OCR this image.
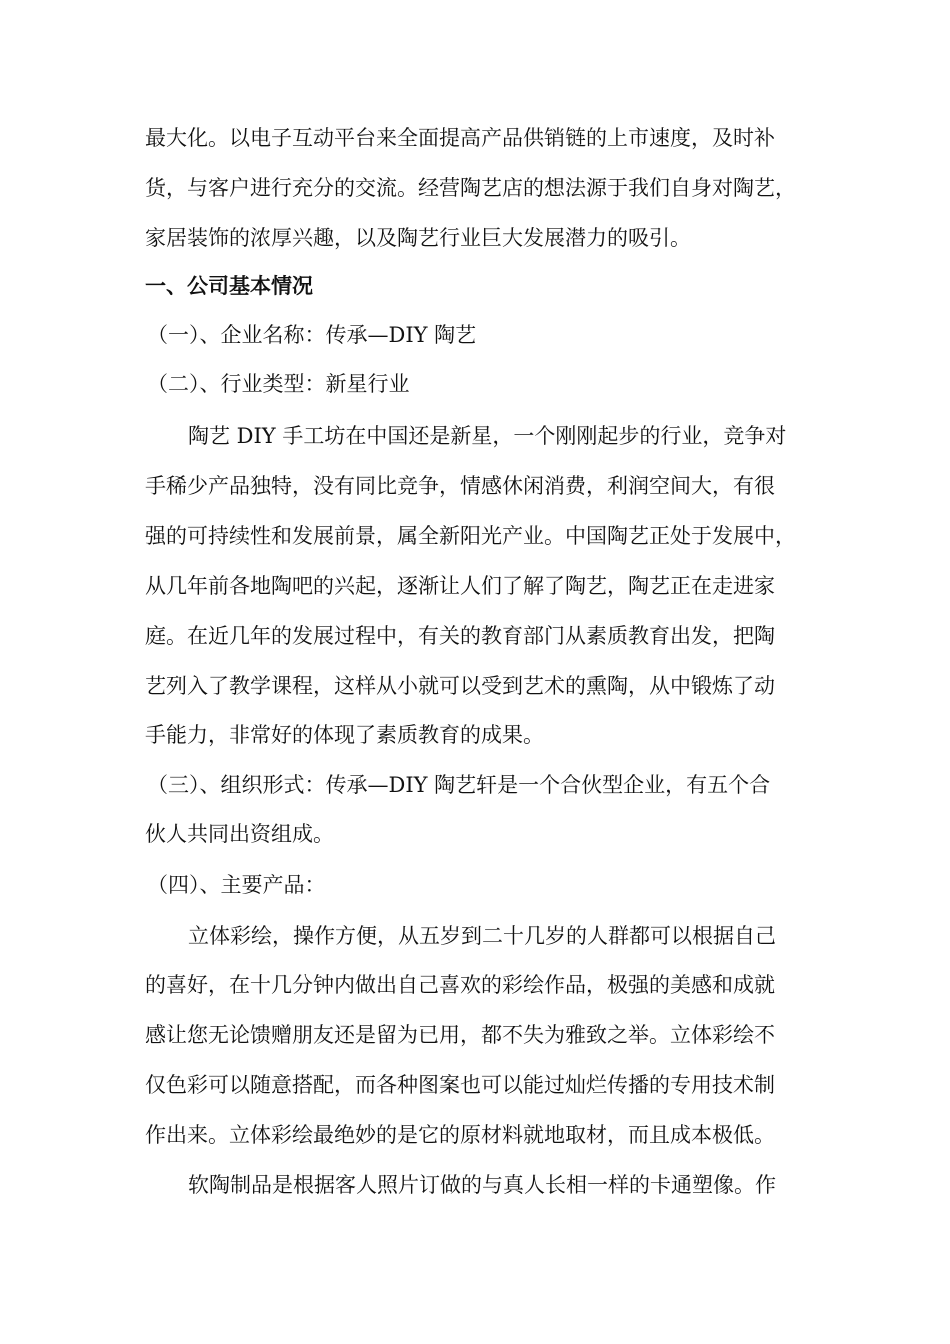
最大化。以电子互动平台来全面提高产品供销链的上市速度，及时补

货，与客户进行充分的交流。经营陶艺店的想法源于我们自身对陶艺，

家居装饰的浓厚兴趣，以及陶艺行业巨大发展潜力的吸引。

一、公司基本情况

（一）、企业名称：传承—DIY 陶艺

（二）、行业类型：新星行业

陶艺 DIY 手工坊在中国还是新星，一个刚刚起步的行业，竞争对

手稀少产品独特，没有同比竞争，情感休闲消费，利润空间大，有很

强的可持续性和发展前景，属全新阳光产业。中国陶艺正处于发展中，

从几年前各地陶吧的兴起，逐渐让人们了解了陶艺，陶艺正在走进家

庭。在近几年的发展过程中，有关的教育部门从素质教育出发，把陶

艺列入了教学课程，这样从小就可以受到艺术的熏陶，从中锻炼了动

手能力，非常好的体现了素质教育的成果。

（三）、组织形式：传承—DIY 陶艺轩是一个合伙型企业，有五个合

伙人共同出资组成。

（四）、主要产品：

立体彩绘，操作方便，从五岁到二十几岁的人群都可以根据自己

的喜好，在十几分钟内做出自己喜欢的彩绘作品，极强的美感和成就

感让您无论馈赠朋友还是留为已用，都不失为雅致之举。立体彩绘不

仅色彩可以随意搭配，而各种图案也可以能过灿烂传播的专用技术制

作出来。立体彩绘最绝妙的是它的原材料就地取材，而且成本极低。

软陶制品是根据客人照片订做的与真人长相一样的卡通塑像。作
